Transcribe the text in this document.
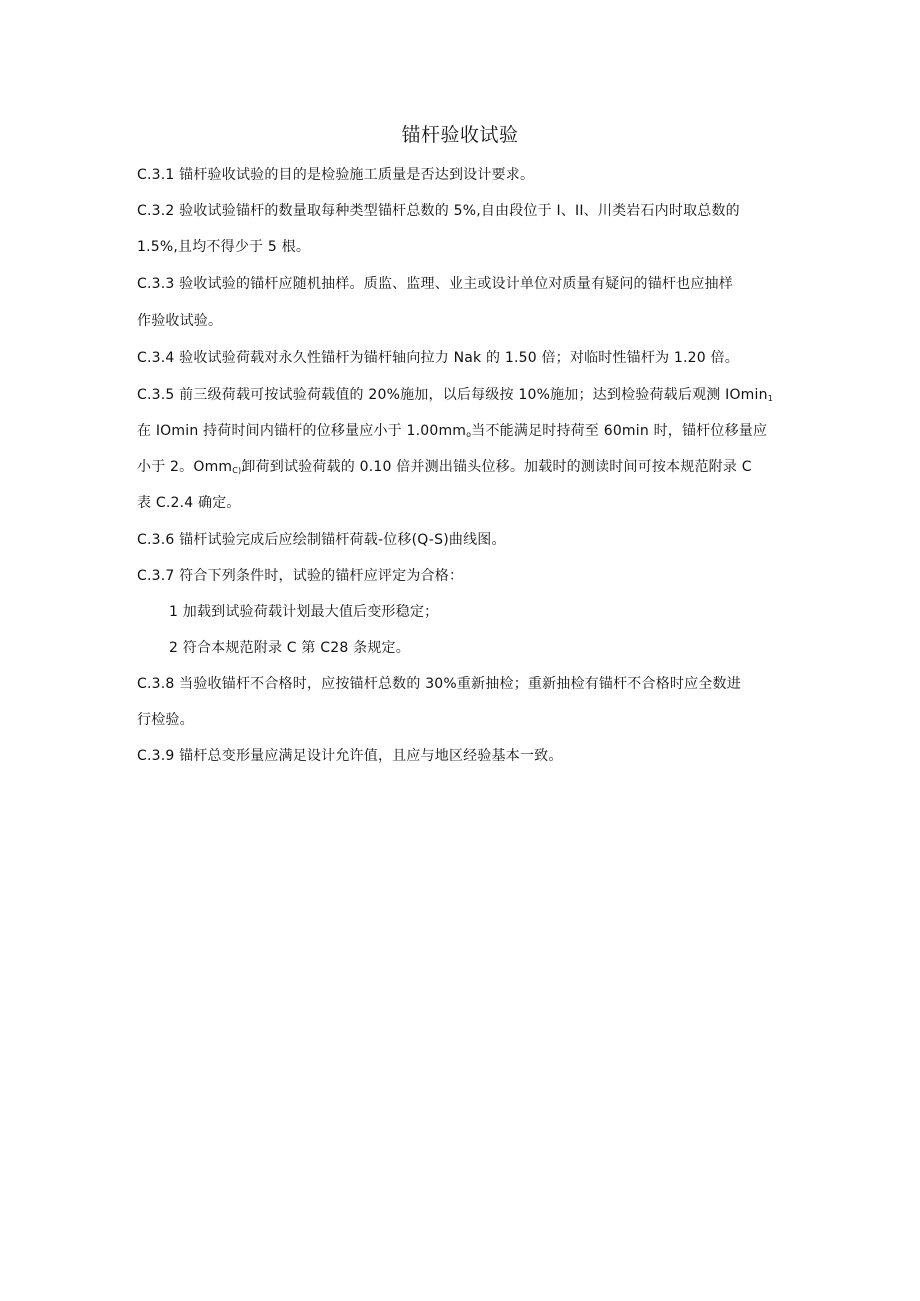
锚杆验收试验
C.3.1 锚杆验收试验的目的是检验施工质量是否达到设计要求。
C.3.2 验收试验锚杆的数量取每种类型锚杆总数的 5%,自由段位于 I、II、川类岩石内时取总数的
1.5%,且均不得少于 5 根。
C.3.3 验收试验的锚杆应随机抽样。质监、监理、业主或设计单位对质量有疑问的锚杆也应抽样
作验收试验。
C.3.4 验收试验荷载对永久性锚杆为锚杆轴向拉力 Nak 的 1.50 倍；对临时性锚杆为 1.20 倍。
C.3.5 前三级荷载可按试验荷载值的 20%施加，以后每级按 10%施加；达到检验荷载后观测 IOmin$_1$
在 IOmin 持荷时间内锚杆的位移量应小于 $1.00mm_o$当不能满足时持荷至 60min 时，锚杆位移量应
小于 2。Omm$_{C)}$卸荷到试验荷载的 0.10 倍并测出锚头位移。加载时的测读时间可按本规范附录 C
表 C.2.4 确定。
C.3.6 锚杆试验完成后应绘制锚杆荷载-位移(Q-S)曲线图。
C.3.7 符合下列条件时，试验的锚杆应评定为合格：
1 加载到试验荷载计划最大值后变形稳定；
2 符合本规范附录 C 第 C28 条规定。
C.3.8 当验收锚杆不合格时，应按锚杆总数的 30%重新抽检；重新抽检有锚杆不合格时应全数进
行检验。
C.3.9 锚杆总变形量应满足设计允许值，且应与地区经验基本一致。
